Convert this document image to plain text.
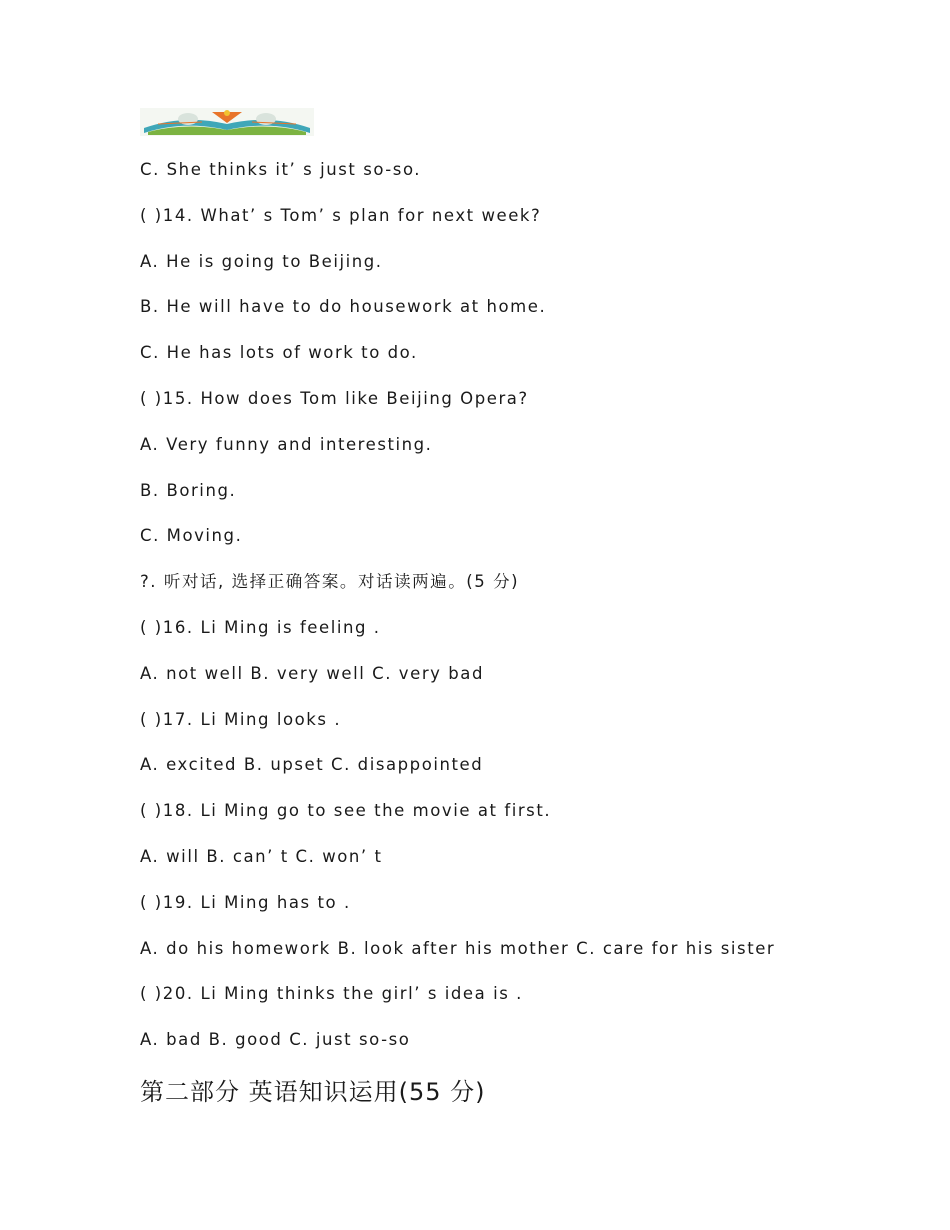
C. She thinks it’ s just so-so.
( )14. What’ s Tom’ s plan for next week?
A. He is going to Beijing.
B. He will have to do housework at home.
C. He has lots of work to do.
( )15. How does Tom like Beijing Opera?
A. Very funny and interesting.
B. Boring.
C. Moving.
?. 听对话, 选择正确答案。对话读两遍。(5 分)
( )16. Li Ming is feeling .
A. not well B. very well C. very bad
( )17. Li Ming looks .
A. excited B. upset C. disappointed
( )18. Li Ming go to see the movie at first.
A. will B. can’ t C. won’ t
( )19. Li Ming has to .
A. do his homework B. look after his mother C. care for his sister
( )20. Li Ming thinks the girl’ s idea is .
A. bad B. good C. just so-so
第二部分 英语知识运用(55 分)
